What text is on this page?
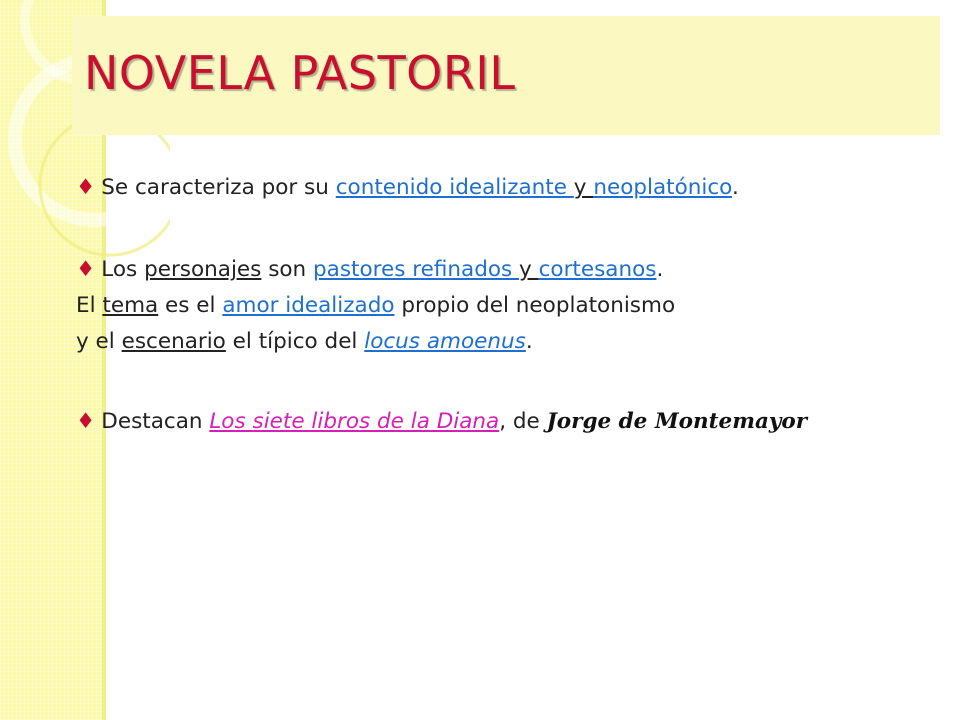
NOVELA PASTORIL
♦ Se caracteriza por su contenido idealizante y neoplatónico.
♦ Los personajes son pastores refinados y cortesanos.
El tema es el amor idealizado propio del neoplatonismo
y el escenario el típico del locus amoenus.
♦ Destacan Los siete libros de la Diana, de Jorge de Montemayor
